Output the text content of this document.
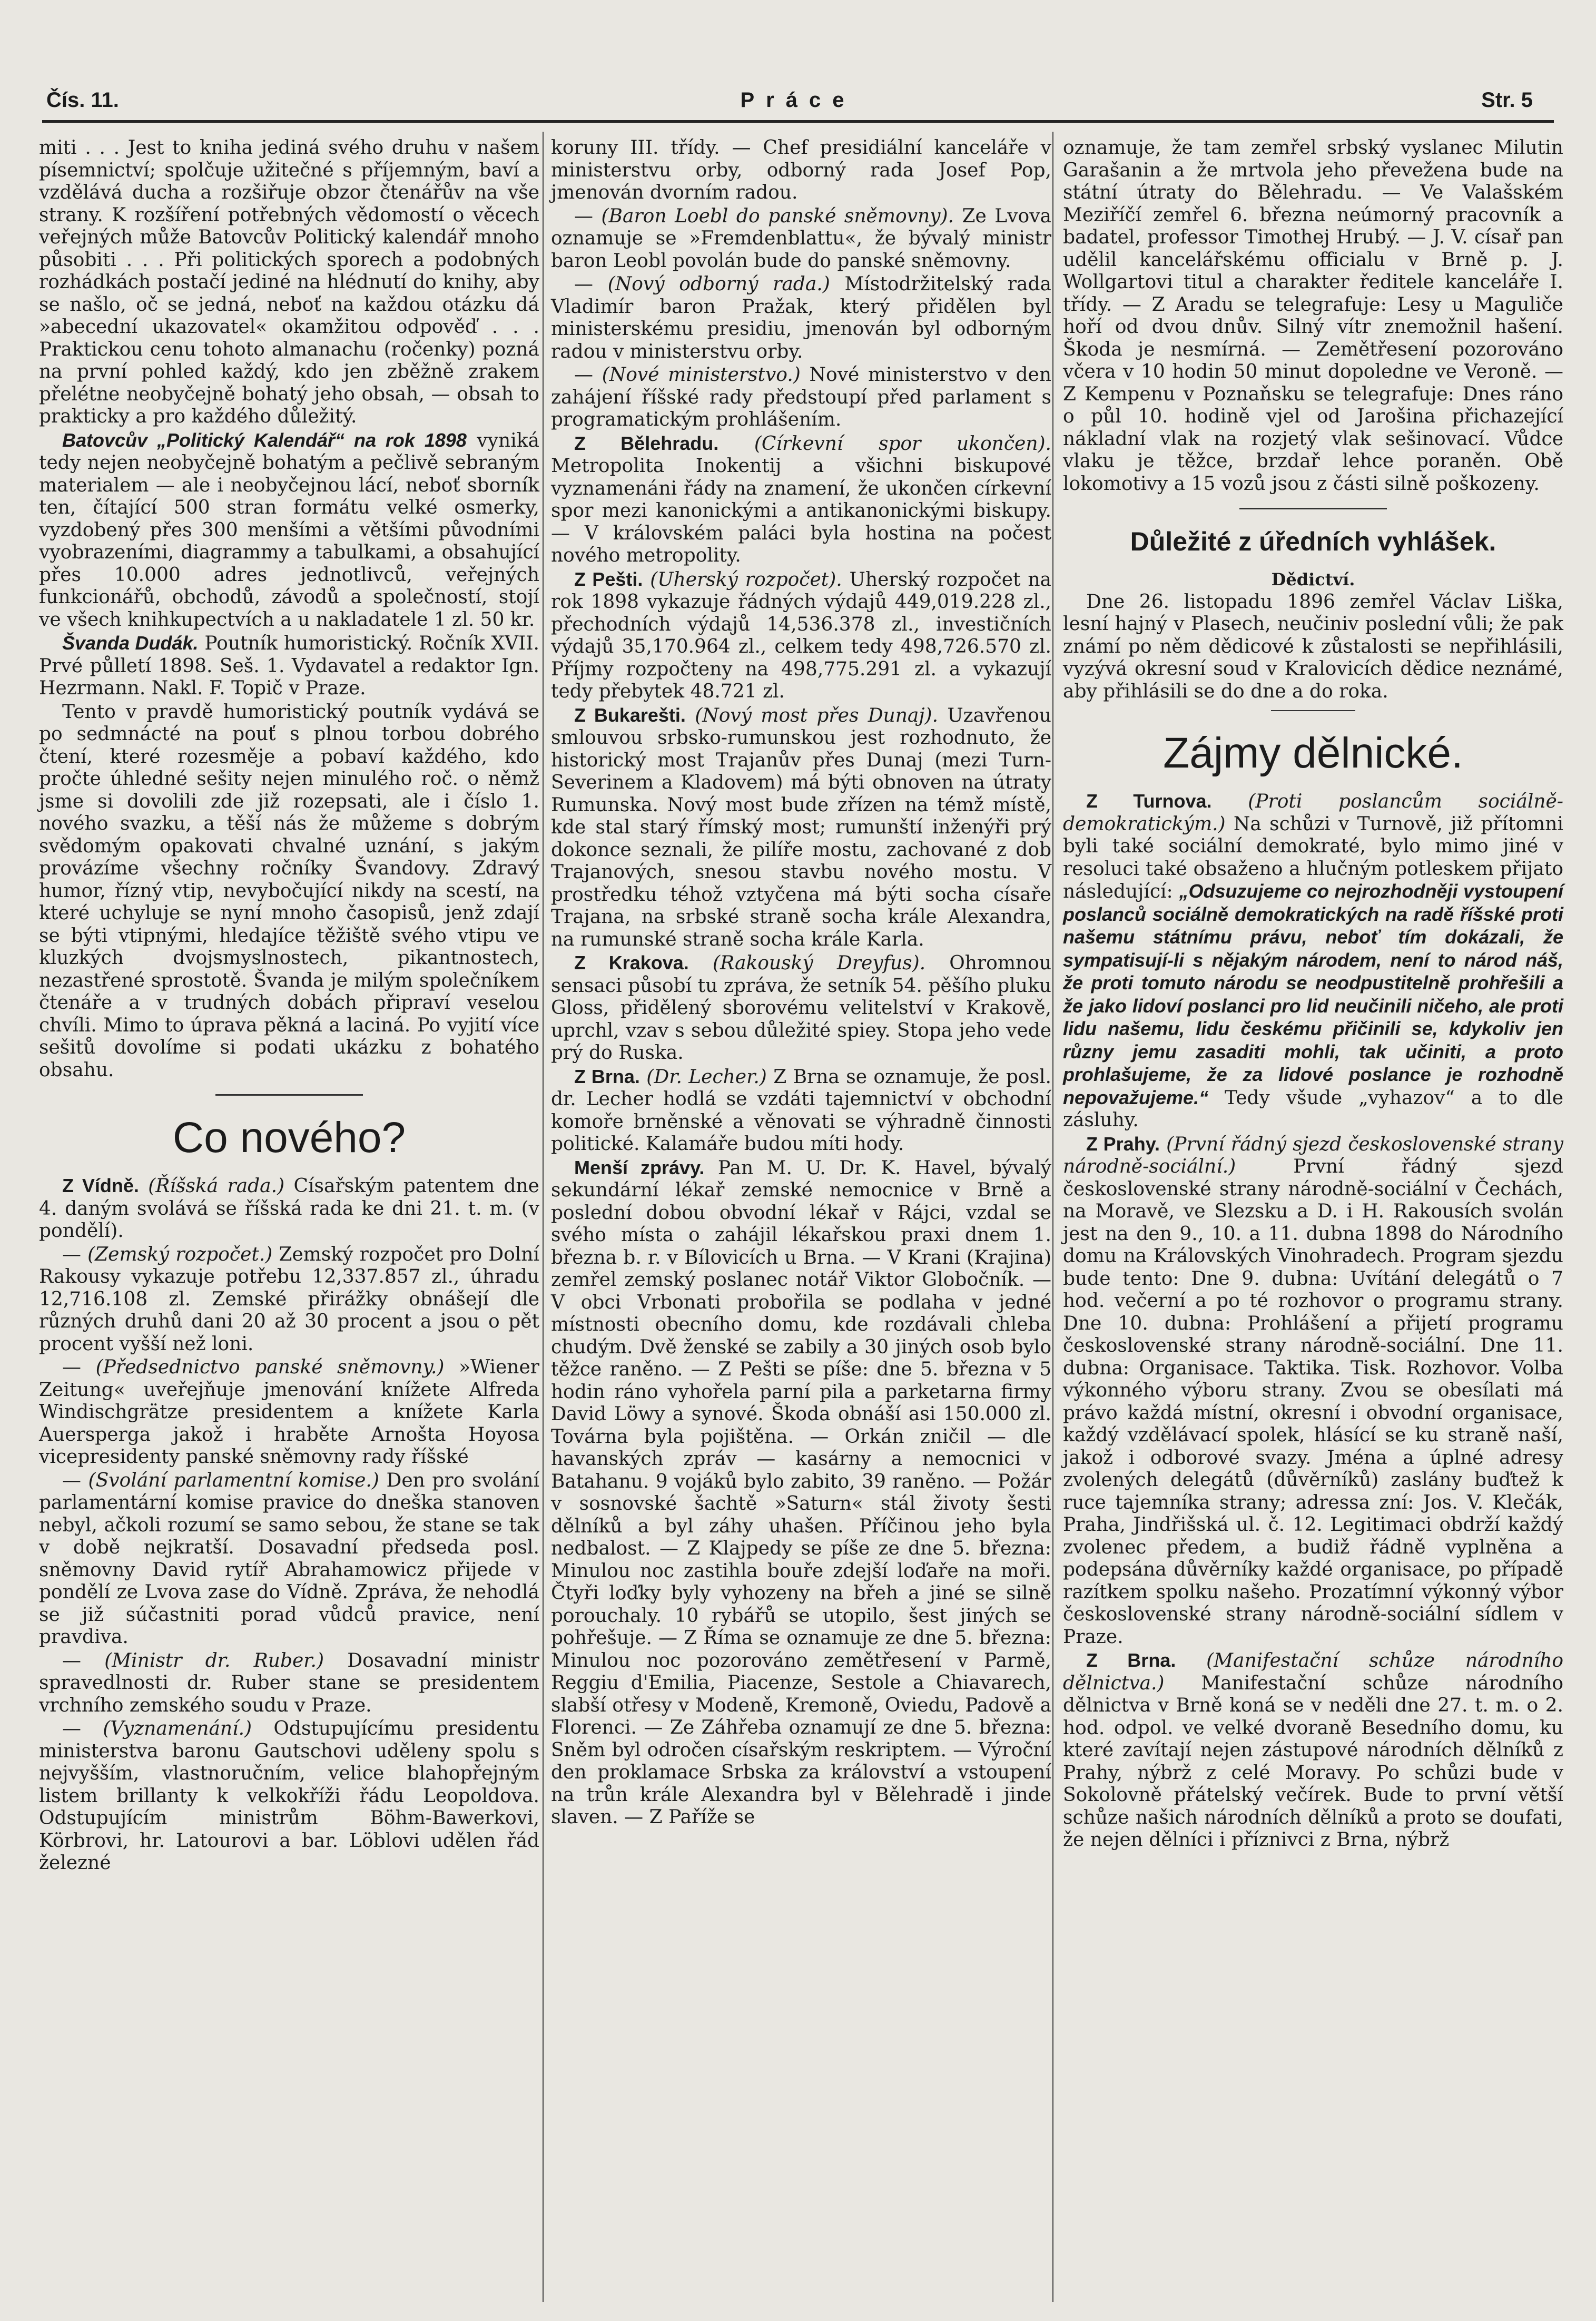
Čís. 11.	Práce	Str. 5

miti . . . Jest to kniha jediná svého druhu v našem písemnictví; spolčuje užitečné s příjemným, baví a vzdělává ducha a rozšiřuje obzor čtenářův na vše strany. K rozšíření potřebných vědomostí o věcech veřejných může Batovcův Politický kalendář mnoho působiti . . . Při politických sporech a podobných rozhádkách postačí jediné na hlédnutí do knihy, aby se našlo, oč se jedná, neboť na každou otázku dá »abecední ukazovatel« okamžitou odpověď . . . Praktickou cenu tohoto almanachu (ročenky) pozná na první pohled každý, kdo jen zběžně zrakem přelétne neobyčejně bohatý jeho obsah, — obsah to prakticky a pro každého důležitý.

Batovcův „Politický Kalendář“ na rok 1898 vyniká tedy nejen neobyčejně bohatým a pečlivě sebraným materialem — ale i neobyčejnou lácí, neboť sborník ten, čítající 500 stran formátu velké osmerky, vyzdobený přes 300 menšími a většími původními vyobrazeními, diagrammy a tabulkami, a obsahující přes 10.000 adres jednotlivců, veřejných funkcionářů, obchodů, závodů a společností, stojí ve všech knihkupectvích a u nakladatele 1 zl. 50 kr.

Švanda Dudák. Poutník humoristický. Ročník XVII. Prvé půlletí 1898. Seš. 1. Vydavatel a redaktor Ign. Hezrmann. Nakl. F. Topič v Praze.

Tento v pravdě humoristický poutník vydává se po sedmnácté na pouť s plnou torbou dobrého čtení, které rozesměje a pobaví každého, kdo pročte úhledné sešity nejen minulého roč. o němž jsme si dovolili zde již rozepsati, ale i číslo 1. nového svazku, a těší nás že můžeme s dobrým svědomým opakovati chvalné uznání, s jakým provázíme všechny ročníky Švandovy. Zdravý humor, řízný vtip, nevybočující nikdy na scestí, na které uchyluje se nyní mnoho časopisů, jenž zdají se býti vtipnými, hledajíce těžiště svého vtipu ve kluzkých dvojsmyslnostech, pikantnostech, nezastřené sprostotě. Švanda je milým společníkem čtenáře a v trudných dobách připraví veselou chvíli. Mimo to úprava pěkná a laciná. Po vyjití více sešitů dovolíme si podati ukázku z bohatého obsahu.

Co nového?

Z Vídně. (Říšská rada.) Císařským patentem dne 4. daným svolává se říšská rada ke dni 21. t. m. (v pondělí).

— (Zemský rozpočet.) Zemský rozpočet pro Dolní Rakousy vykazuje potřebu 12,337.857 zl., úhradu 12,716.108 zl. Zemské přirážky obnášejí dle různých druhů dani 20 až 30 procent a jsou o pět procent vyšší než loni.

— (Předsednictvo panské sněmovny.) »Wiener Zeitung« uveřejňuje jmenování knížete Alfreda Windischgrätze presidentem a knížete Karla Auersperga jakož i hraběte Arnošta Hoyosa vicepresidenty panské sněmovny rady říšské

— (Svolání parlamentní komise.) Den pro svolání parlamentární komise pravice do dneška stanoven nebyl, ačkoli rozumí se samo sebou, že stane se tak v době nejkratší. Dosavadní předseda posl. sněmovny David rytíř Abrahamowicz přijede v pondělí ze Lvova zase do Vídně. Zpráva, že nehodlá se již súčastniti porad vůdců pravice, není pravdiva.

— (Ministr dr. Ruber.) Dosavadní ministr spravedlnosti dr. Ruber stane se presidentem vrchního zemského soudu v Praze.

— (Vyznamenání.) Odstupujícímu presidentu ministerstva baronu Gautschovi uděleny spolu s nejvyšším, vlastnoručním, velice blahopřejným listem brillanty k velkokříži řádu Leopoldova. Odstupujícím ministrům Böhm-Bawerkovi, Körbrovi, hr. Latourovi a bar. Löblovi udělen řád železné

koruny III. třídy. — Chef presidiální kanceláře v ministerstvu orby, odborný rada Josef Pop, jmenován dvorním radou.

— (Baron Loebl do panské sněmovny). Ze Lvova oznamuje se »Fremdenblattu«, že bývalý ministr baron Leobl povolán bude do panské sněmovny.

— (Nový odborný rada.) Místodržitelský rada Vladimír baron Pražak, který přidělen byl ministerskému presidiu, jmenován byl odborným radou v ministerstvu orby.

— (Nové ministerstvo.) Nové ministerstvo v den zahájení říšské rady předstoupí před parlament s programatickým prohlášením.

Z Bělehradu. (Církevní spor ukončen). Metropolita Inokentij a všichni biskupové vyznamenáni řády na znamení, že ukončen církevní spor mezi kanonickými a antikanonickými biskupy. — V královském paláci byla hostina na počest nového metropolity.

Z Pešti. (Uherský rozpočet). Uherský rozpočet na rok 1898 vykazuje řádných výdajů 449,019.228 zl., přechodních výdajů 14,536.378 zl., investičních výdajů 35,170.964 zl., celkem tedy 498,726.570 zl. Příjmy rozpočteny na 498,775.291 zl. a vykazují tedy přebytek 48.721 zl.

Z Bukarešti. (Nový most přes Dunaj). Uzavřenou smlouvou srbsko-rumunskou jest rozhodnuto, že historický most Trajanův přes Dunaj (mezi Turn-Severinem a Kladovem) má býti obnoven na útraty Rumunska. Nový most bude zřízen na témž místě, kde stal starý římský most; rumunští inženýři prý dokonce seznali, že pilíře mostu, zachované z dob Trajanových, snesou stavbu nového mostu. V prostředku téhož vztyčena má býti socha císaře Trajana, na srbské straně socha krále Alexandra, na rumunské straně socha krále Karla.

Z Krakova. (Rakouský Dreyfus). Ohromnou sensaci působí tu zpráva, že setník 54. pěšího pluku Gloss, přidělený sborovému velitelství v Krakově, uprchl, vzav s sebou důležité spiey. Stopa jeho vede prý do Ruska.

Z Brna. (Dr. Lecher.) Z Brna se oznamuje, že posl. dr. Lecher hodlá se vzdáti tajemnictví v obchodní komoře brněnské a věnovati se výhradně činnosti politické. Kalamáře budou míti hody.

Menší zprávy. Pan M. U. Dr. K. Havel, bývalý sekundární lékař zemské nemocnice v Brně a poslední dobou obvodní lékař v Rájci, vzdal se svého místa o zahájil lékařskou praxi dnem 1. března b. r. v Bílovicích u Brna. — V Krani (Krajina) zemřel zemský poslanec notář Viktor Globočník. — V obci Vrbonati probořila se podlaha v jedné místnosti obecního domu, kde rozdávali chleba chudým. Dvě ženské se zabily a 30 jiných osob bylo těžce raněno. — Z Pešti se píše: dne 5. března v 5 hodin ráno vyhořela parní pila a parketarna firmy David Löwy a synové. Škoda obnáší asi 150.000 zl. Továrna byla pojištěna. — Orkán zničil — dle havanských zpráv — kasárny a nemocnici v Batahanu. 9 vojáků bylo zabito, 39 raněno. — Požár v sosnovské šachtě »Saturn« stál životy šesti dělníků a byl záhy uhašen. Příčinou jeho byla nedbalost. — Z Klajpedy se píše ze dne 5. března: Minulou noc zastihla bouře zdejší loďaře na moři. Čtyři loďky byly vyhozeny na břeh a jiné se silně porouchaly. 10 rybářů se utopilo, šest jiných se pohřešuje. — Z Říma se oznamuje ze dne 5. března: Minulou noc pozorováno zemětřesení v Parmě, Reggiu d'Emilia, Piacenze, Sestole a Chiavarech, slabší otřesy v Modeně, Kremoně, Oviedu, Padově a Florenci. — Ze Záhřeba oznamují ze dne 5. března: Sněm byl odročen císařským reskriptem. — Výroční den proklamace Srbska za království a vstoupení na trůn krále Alexandra byl v Bělehradě i jinde slaven. — Z Paříže se

oznamuje, že tam zemřel srbský vyslanec Milutin Garašanin a že mrtvola jeho převežena bude na státní útraty do Bělehradu. — Ve Valašském Meziříčí zemřel 6. března neúmorný pracovník a badatel, professor Timothej Hrubý. — J. V. císař pan udělil kancelářskému officialu v Brně p. J. Wollgartovi titul a charakter ředitele kanceláře I. třídy. — Z Aradu se telegrafuje: Lesy u Maguliče hoří od dvou dnův. Silný vítr znemožnil hašení. Škoda je nesmírná. — Zemětřesení pozorováno včera v 10 hodin 50 minut dopoledne ve Veroně. — Z Kempenu v Poznaňsku se telegrafuje: Dnes ráno o půl 10. hodině vjel od Jarošina přichazející nákladní vlak na rozjetý vlak sešinovací. Vůdce vlaku je těžce, brzdař lehce poraněn. Obě lokomotivy a 15 vozů jsou z části silně poškozeny.

Důležité z úředních vyhlášek.
Dědictví.

Dne 26. listopadu 1896 zemřel Václav Liška, lesní hajný v Plasech, neučiniv poslední vůli; že pak známí po něm dědicové k zůstalosti se nepřihlásili, vyzývá okresní soud v Kralovicích dědice neznámé, aby přihlásili se do dne a do roka.

Zájmy dělnické.

Z Turnova. (Proti poslancům sociálně-demokratickým.) Na schůzi v Turnově, již přítomni byli také sociální demokraté, bylo mimo jiné v resoluci také obsaženo a hlučným potleskem přijato následující: „Odsuzujeme co nejrozhodněji vystoupení poslanců sociálně demokratických na radě říšské proti našemu státnímu právu, neboť tím dokázali, že sympatisují-li s nějakým národem, není to národ náš, že proti tomuto národu se neodpustitelně prohřešili a že jako lidoví poslanci pro lid neučinili ničeho, ale proti lidu našemu, lidu českému přičinili se, kdykoliv jen různy jemu zasaditi mohli, tak učiniti, a proto prohlašujeme, že za lidové poslance je rozhodně nepovažujeme.“ Tedy všude „vyhazov“ a to dle zásluhy.

Z Prahy. (První řádný sjezd československé strany národně-sociální.)	První řádný sjezd československé strany národně-sociální v Čechách, na Moravě, ve Slezsku a D. i H. Rakousích svolán jest na den 9., 10. a 11. dubna 1898 do Národního domu na Královských Vinohradech. Program sjezdu bude tento: Dne 9. dubna: Uvítání delegátů o 7 hod. večerní a po té rozhovor o programu strany. Dne 10. dubna: Prohlášení a přijetí programu československé strany národně-sociální. Dne 11. dubna: Organisace. Taktika. Tisk. Rozhovor. Volba výkonného výboru strany. Zvou se obesílati má právo každá místní, okresní i obvodní organisace, každý vzdělávací spolek, hlásící se ku straně naší, jakož i odborové svazy. Jména a úplné adresy zvolených delegátů (důvěrníků) zaslány buďtež k ruce tajemníka strany; adressa zní: Jos. V. Klečák, Praha, Jindřišská ul. č. 12. Legitimaci obdrží každý zvolenec předem, a budiž řádně vyplněna a podepsána důvěrníky každé organisace, po případě razítkem spolku našeho. Prozatímní výkonný výbor československé strany národně-sociální sídlem v Praze.

Z Brna. (Manifestační schůze národního dělnictva.) Manifestační schůze národního dělnictva v Brně koná se v neděli dne 27. t. m. o 2. hod. odpol. ve velké dvoraně Besedního domu, ku které zavítají nejen zástupové národních dělníků z Prahy, nýbrž z celé Moravy. Po schůzi bude v Sokolovně přátelský večírek. Bude to první větší schůze našich národních dělníků a proto se doufati, že nejen dělníci i příznivci z Brna, nýbrž
